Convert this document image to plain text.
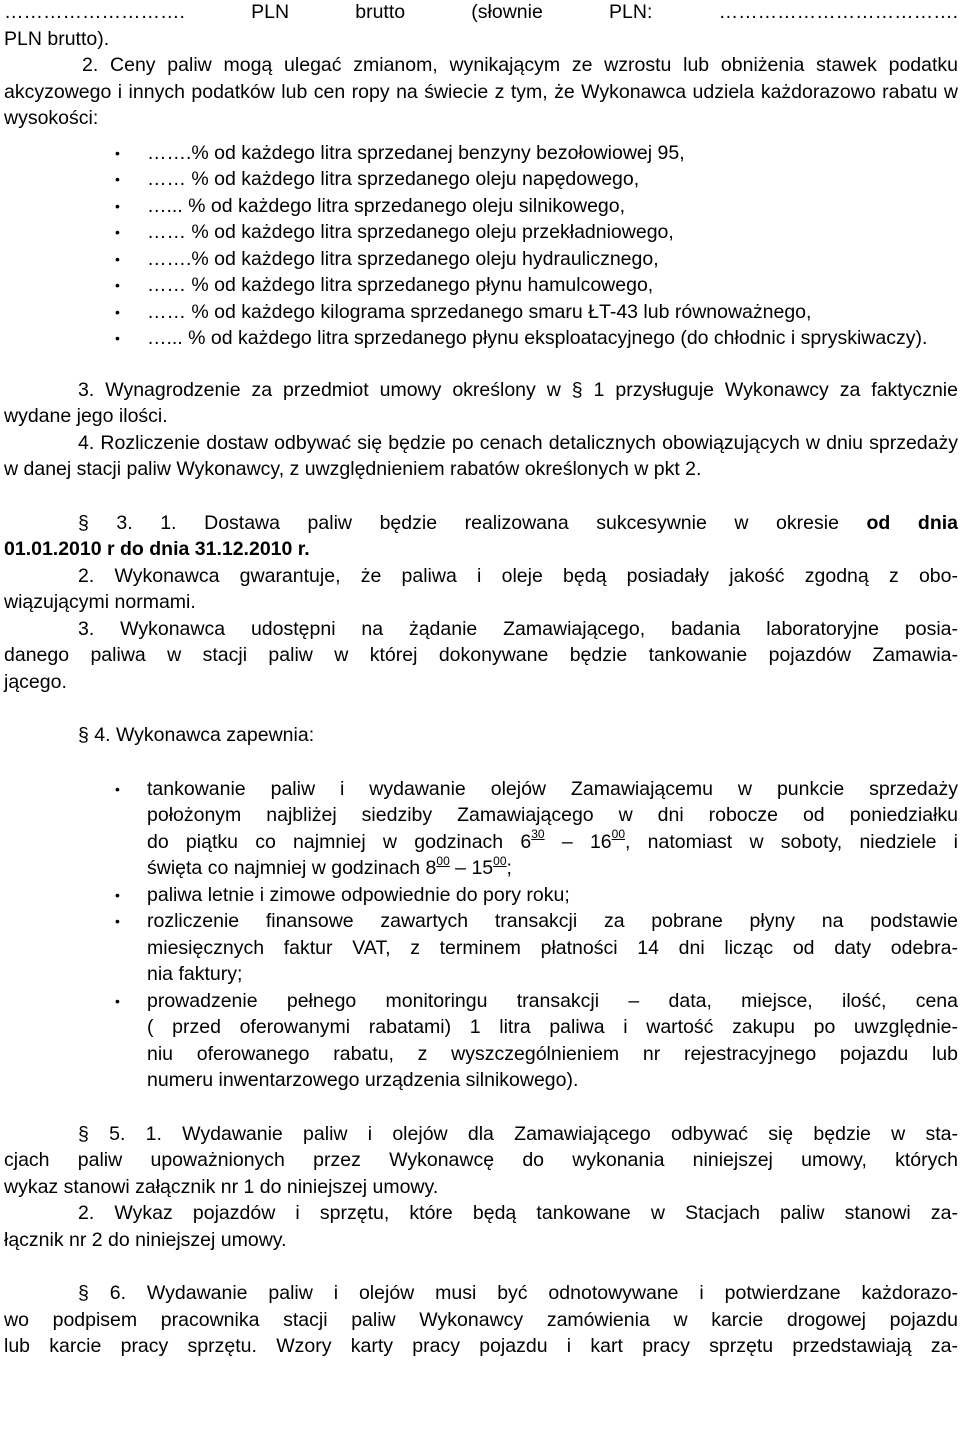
………………………. PLN brutto (słownie PLN: ……………………………….
PLN brutto).

2. Ceny paliw mogą ulegać zmianom, wynikającym ze wzrostu lub obniżenia stawek podatku akcyzowego i innych podatków lub cen ropy na świecie z tym, że Wykonawca udziela każdorazowo rabatu w wysokości:

• …….% od każdego litra sprzedanej benzyny bezołowiowej 95,
• …… % od każdego litra sprzedanego oleju napędowego,
• …... % od każdego litra sprzedanego oleju silnikowego,
• …… % od każdego litra sprzedanego oleju przekładniowego,
• …….% od każdego litra sprzedanego oleju hydraulicznego,
• …… % od każdego litra sprzedanego płynu hamulcowego,
• …… % od każdego kilograma sprzedanego smaru ŁT-43 lub równoważnego,
• …... % od każdego litra sprzedanego płynu eksploatacyjnego (do chłodnic i spryskiwaczy).

3. Wynagrodzenie za przedmiot umowy określony w § 1 przysługuje Wykonawcy za faktycznie wydane jego ilości.

4. Rozliczenie dostaw odbywać się będzie po cenach detalicznych obowiązujących w dniu sprzedaży w danej stacji paliw Wykonawcy, z uwzględnieniem rabatów określonych w pkt 2.

§ 3. 1. Dostawa paliw będzie realizowana sukcesywnie w okresie od dnia
01.01.2010 r do dnia 31.12.2010 r.

2. Wykonawca gwarantuje, że paliwa i oleje będą posiadały jakość zgodną z obo-
wiązującymi normami.

3. Wykonawca udostępni na żądanie Zamawiającego, badania laboratoryjne posia-
danego paliwa w stacji paliw w której dokonywane będzie tankowanie pojazdów Zamawia-
jącego.

§ 4. Wykonawca zapewnia:

• tankowanie paliw i wydawanie olejów Zamawiającemu w punkcie sprzedaży
położonym najbliżej siedziby Zamawiającego w dni robocze od poniedziałku
do piątku co najmniej w godzinach $6^{30} - 16^{00}$, natomiast w soboty, niedziele i
święta co najmniej w godzinach $8^{00} - 15^{00}$;
• paliwa letnie i zimowe odpowiednie do pory roku;
• rozliczenie finansowe zawartych transakcji za pobrane płyny na podstawie
miesięcznych faktur VAT, z terminem płatności 14 dni licząc od daty odebra-
nia faktury;
• prowadzenie pełnego monitoringu transakcji – data, miejsce, ilość, cena
( przed oferowanymi rabatami) 1 litra paliwa i wartość zakupu po uwzględnie-
niu oferowanego rabatu, z wyszczególnieniem nr rejestracyjnego pojazdu lub
numeru inwentarzowego urządzenia silnikowego).

§ 5. 1. Wydawanie paliw i olejów dla Zamawiającego odbywać się będzie w sta-
cjach paliw upoważnionych przez Wykonawcę do wykonania niniejszej umowy, których
wykaz stanowi załącznik nr 1 do niniejszej umowy.

2. Wykaz pojazdów i sprzętu, które będą tankowane w Stacjach paliw stanowi za-
łącznik nr 2 do niniejszej umowy.

§ 6. Wydawanie paliw i olejów musi być odnotowywane i potwierdzane każdorazo-
wo podpisem pracownika stacji paliw Wykonawcy zamówienia w karcie drogowej pojazdu
lub karcie pracy sprzętu. Wzory karty pracy pojazdu i kart pracy sprzętu przedstawiają za-
